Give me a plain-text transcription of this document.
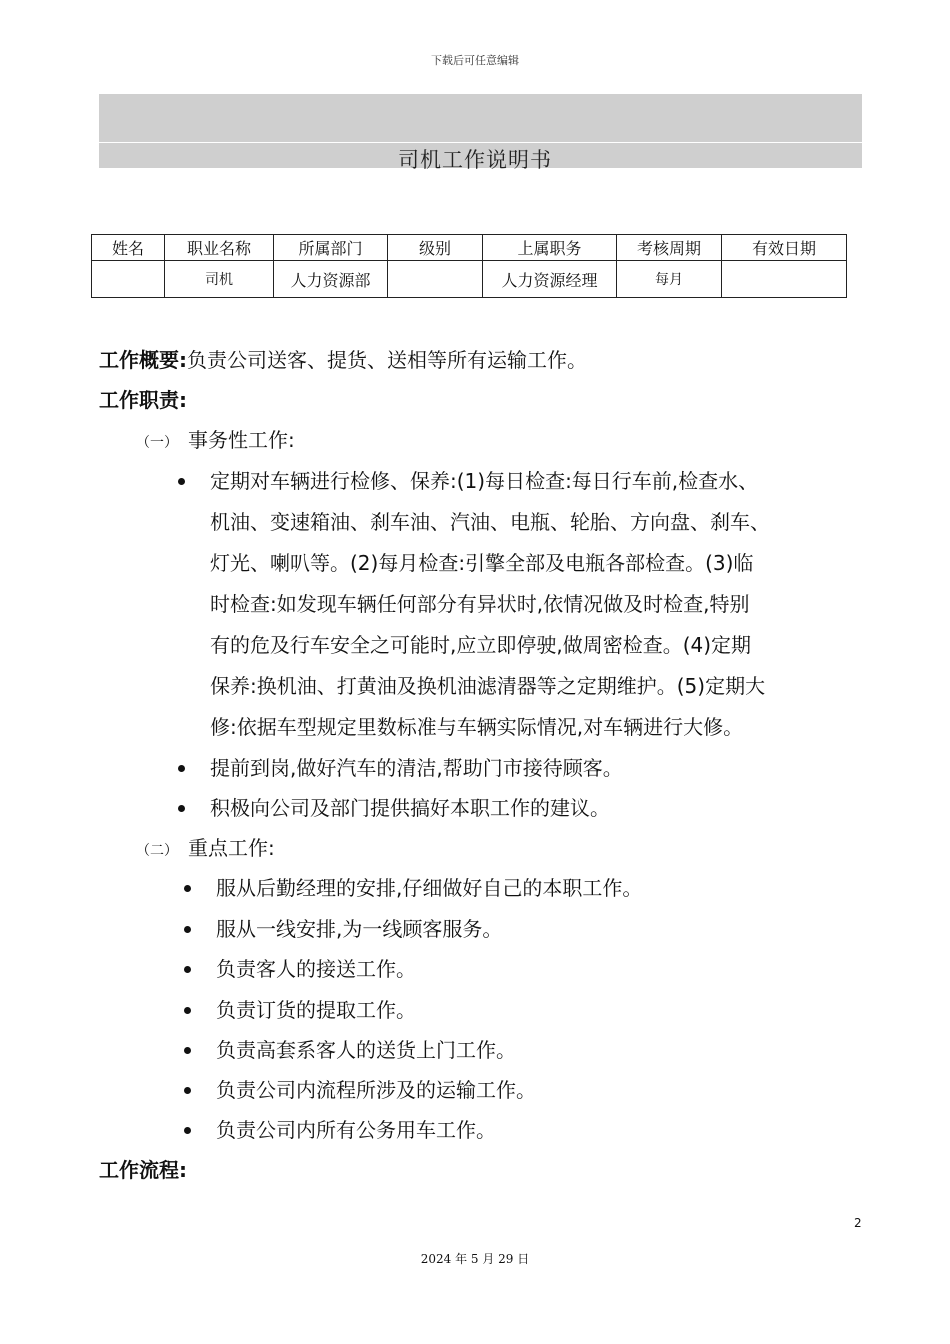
下载后可任意编辑
司机工作说明书
姓名	职业名称	所属部门	级别	上属职务	考核周期	有效日期
	司机	人力资源部		人力资源经理	每月	
工作概要:负责公司送客、提货、送相等所有运输工作。
工作职责:
（一） 事务性工作:
定期对车辆进行检修、保养:(1)每日检查:每日行车前,检查水、
机油、变速箱油、刹车油、汽油、电瓶、轮胎、方向盘、刹车、
灯光、喇叭等。(2)每月检查:引擎全部及电瓶各部检查。(3)临
时检查:如发现车辆任何部分有异状时,依情况做及时检查,特别
有的危及行车安全之可能时,应立即停驶,做周密检查。(4)定期
保养:换机油、打黄油及换机油滤清器等之定期维护。(5)定期大
修:依据车型规定里数标准与车辆实际情况,对车辆进行大修。
提前到岗,做好汽车的清洁,帮助门市接待顾客。
积极向公司及部门提供搞好本职工作的建议。
（二） 重点工作:
服从后勤经理的安排,仔细做好自己的本职工作。
服从一线安排,为一线顾客服务。
负责客人的接送工作。
负责订货的提取工作。
负责高套系客人的送货上门工作。
负责公司内流程所涉及的运输工作。
负责公司内所有公务用车工作。
工作流程:
2
2024 年 5 月 29 日
